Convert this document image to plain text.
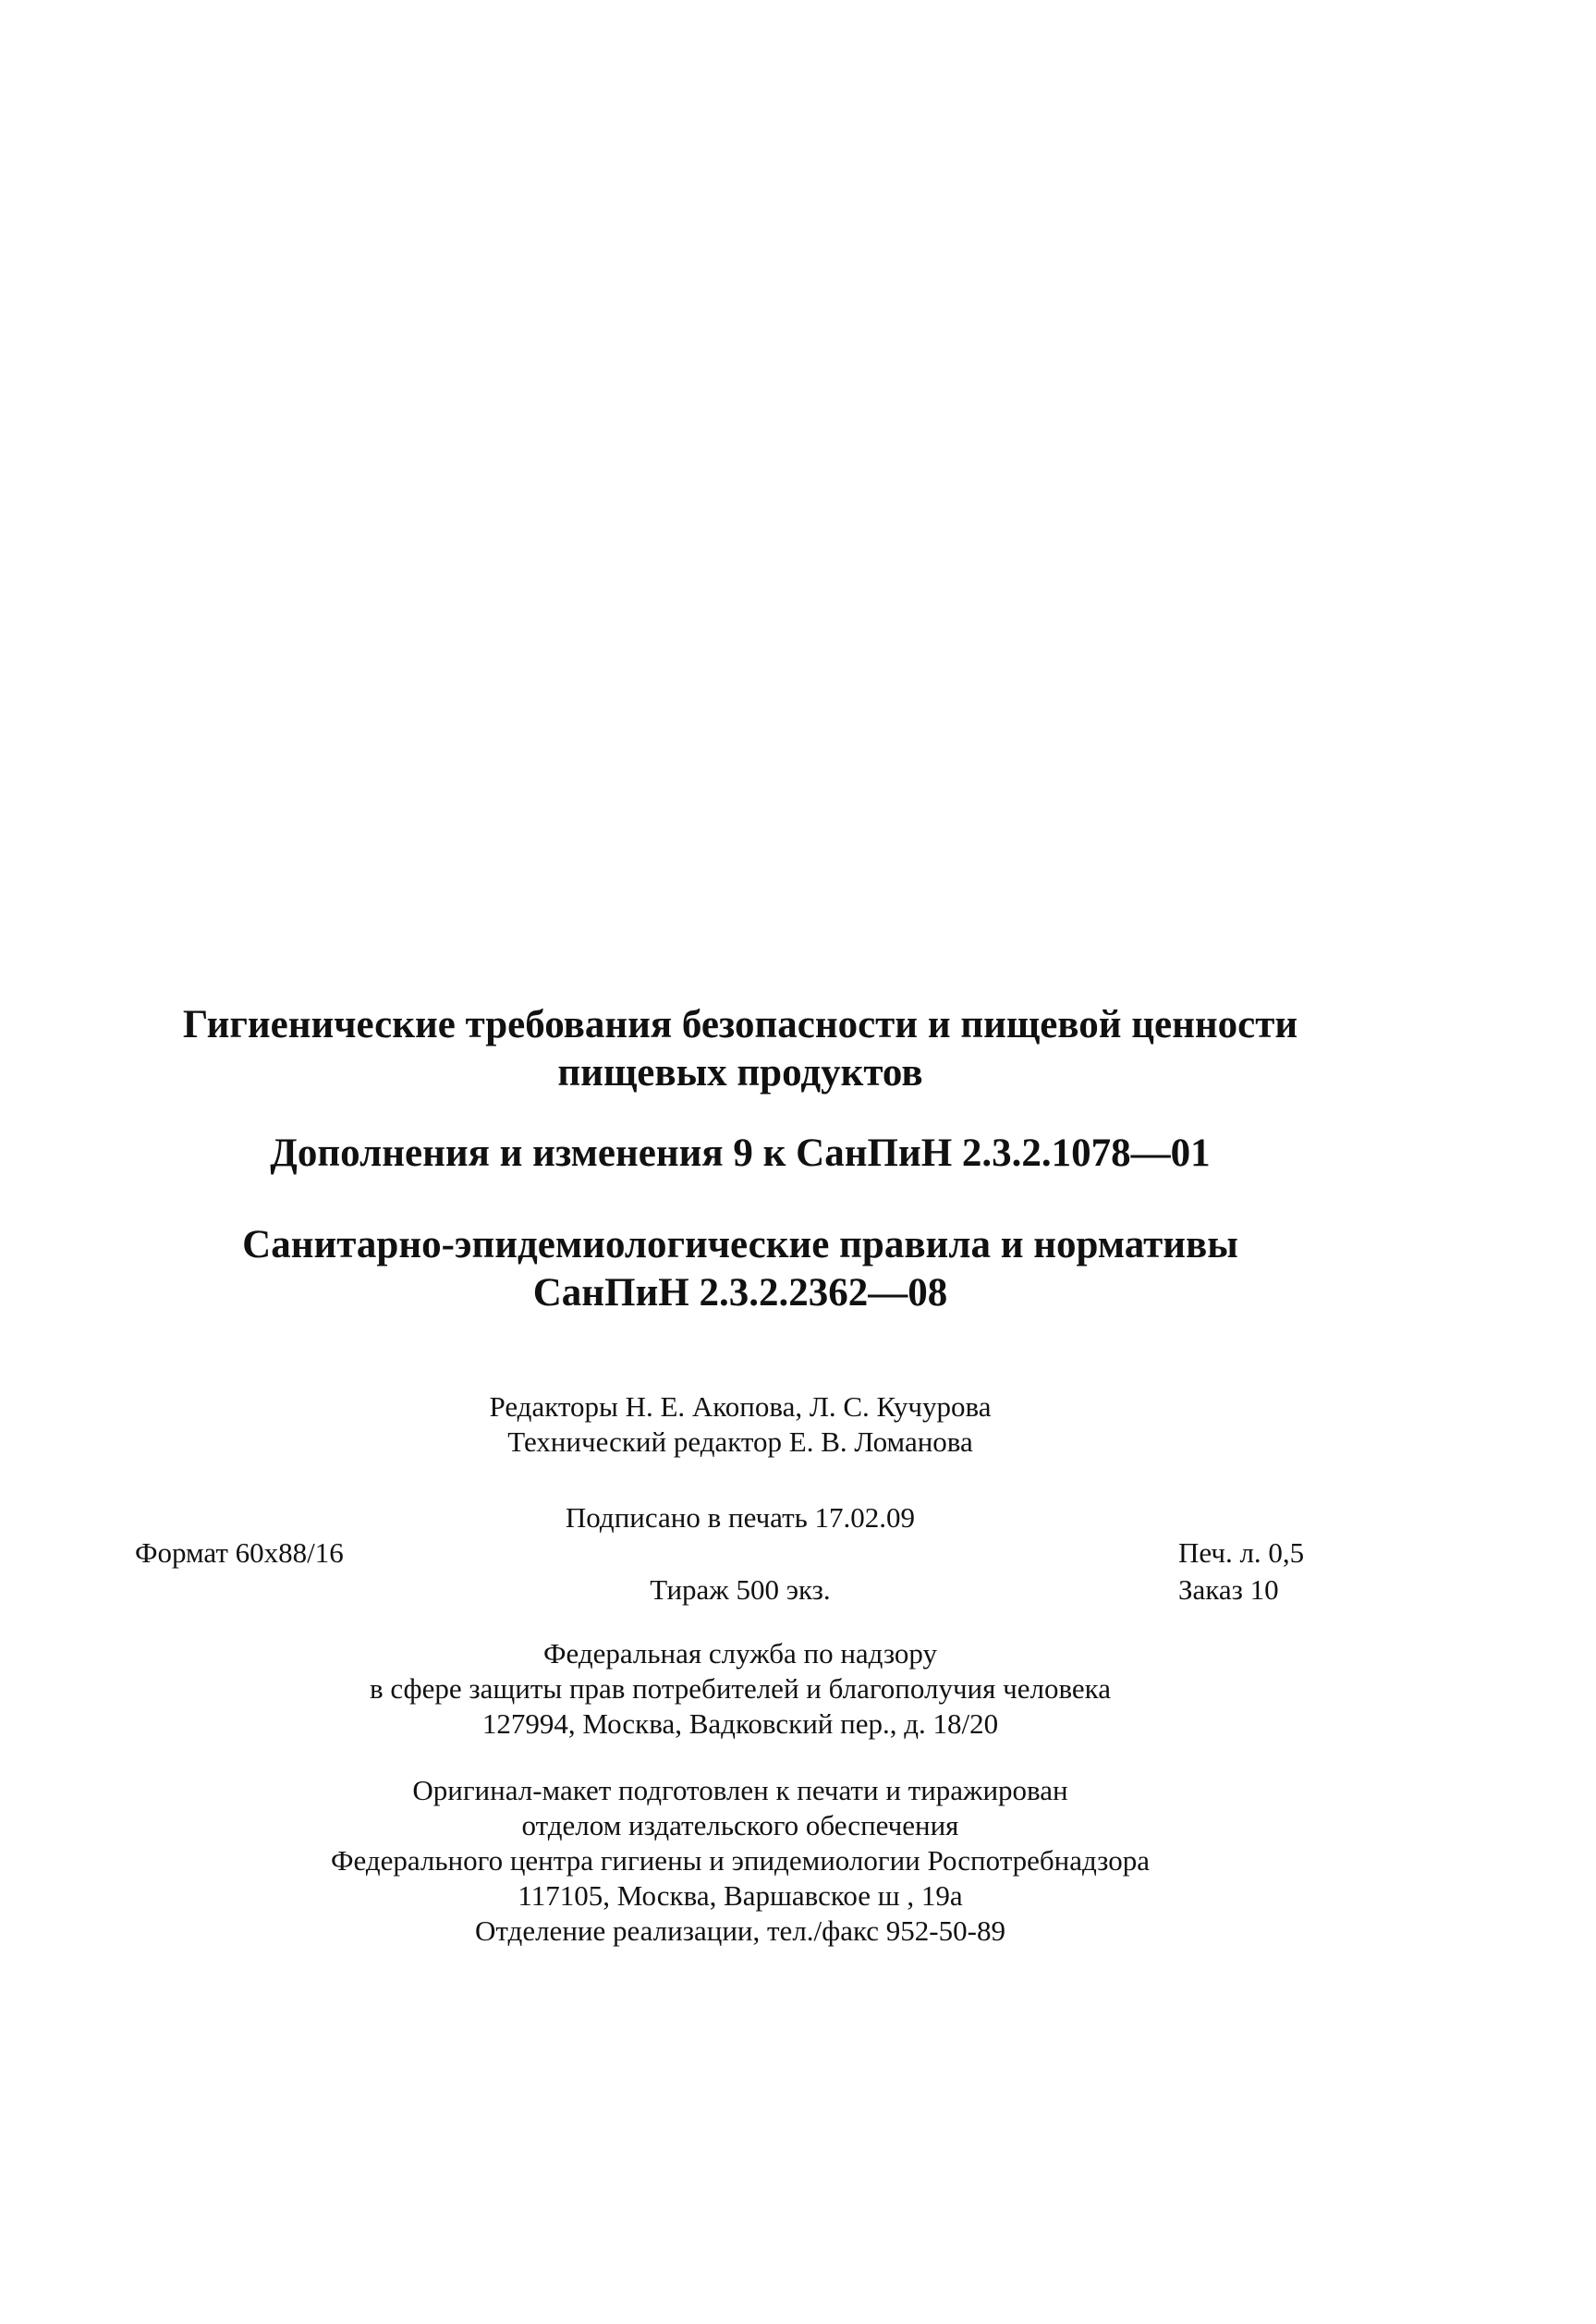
Гигиенические требования безопасности и пищевой ценности
пищевых продуктов
Дополнения и изменения 9 к СанПиН 2.3.2.1078—01
Санитарно-эпидемиологические правила и нормативы
СанПиН 2.3.2.2362—08
Редакторы Н. Е. Акопова, Л. С. Кучурова
Технический редактор Е. В. Ломанова
Подписано в печать 17.02.09
Формат 60x88/16	Печ. л. 0,5
Тираж 500 экз.	Заказ 10
Федеральная служба по надзору
в сфере защиты прав потребителей и благополучия человека
127994, Москва, Вадковский пер., д. 18/20
Оригинал-макет подготовлен к печати и тиражирован
отделом издательского обеспечения
Федерального центра гигиены и эпидемиологии Роспотребнадзора
117105, Москва, Варшавское ш , 19а
Отделение реализации, тел./факс 952-50-89
